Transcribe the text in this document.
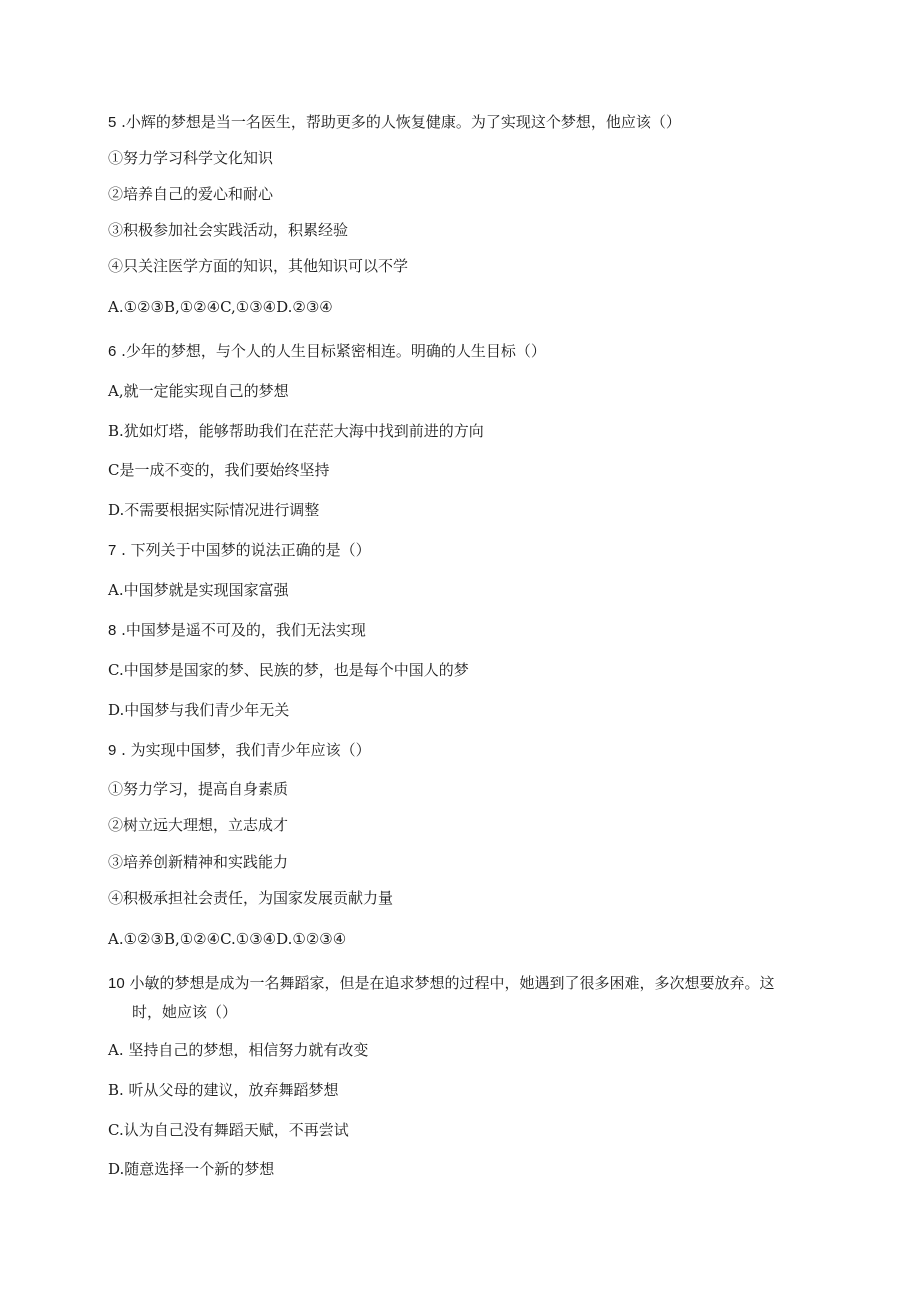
5 .小辉的梦想是当一名医生，帮助更多的人恢复健康。为了实现这个梦想，他应该（）
①努力学习科学文化知识
②培养自己的爱心和耐心
③积极参加社会实践活动，积累经验
④只关注医学方面的知识，其他知识可以不学
A.①②③B,①②④C,①③④D.②③④
6 .少年的梦想，与个人的人生目标紧密相连。明确的人生目标（）
A,就一定能实现自己的梦想
B.犹如灯塔，能够帮助我们在茫茫大海中找到前进的方向
C是一成不变的，我们要始终坚持
D.不需要根据实际情况进行调整
7 . 下列关于中国梦的说法正确的是（）
A.中国梦就是实现国家富强
8 .中国梦是遥不可及的，我们无法实现
C.中国梦是国家的梦、民族的梦，也是每个中国人的梦
D.中国梦与我们青少年无关
9 . 为实现中国梦，我们青少年应该（）
①努力学习，提高自身素质
②树立远大理想，立志成才
③培养创新精神和实践能力
④积极承担社会责任，为国家发展贡献力量
A.①②③B,①②④C.①③④D.①②③④
10 小敏的梦想是成为一名舞蹈家，但是在追求梦想的过程中，她遇到了很多困难，多次想要放弃。这
时，她应该（）
A. 坚持自己的梦想，相信努力就有改变
B. 听从父母的建议，放弃舞蹈梦想
C.认为自己没有舞蹈天赋，不再尝试
D.随意选择一个新的梦想
